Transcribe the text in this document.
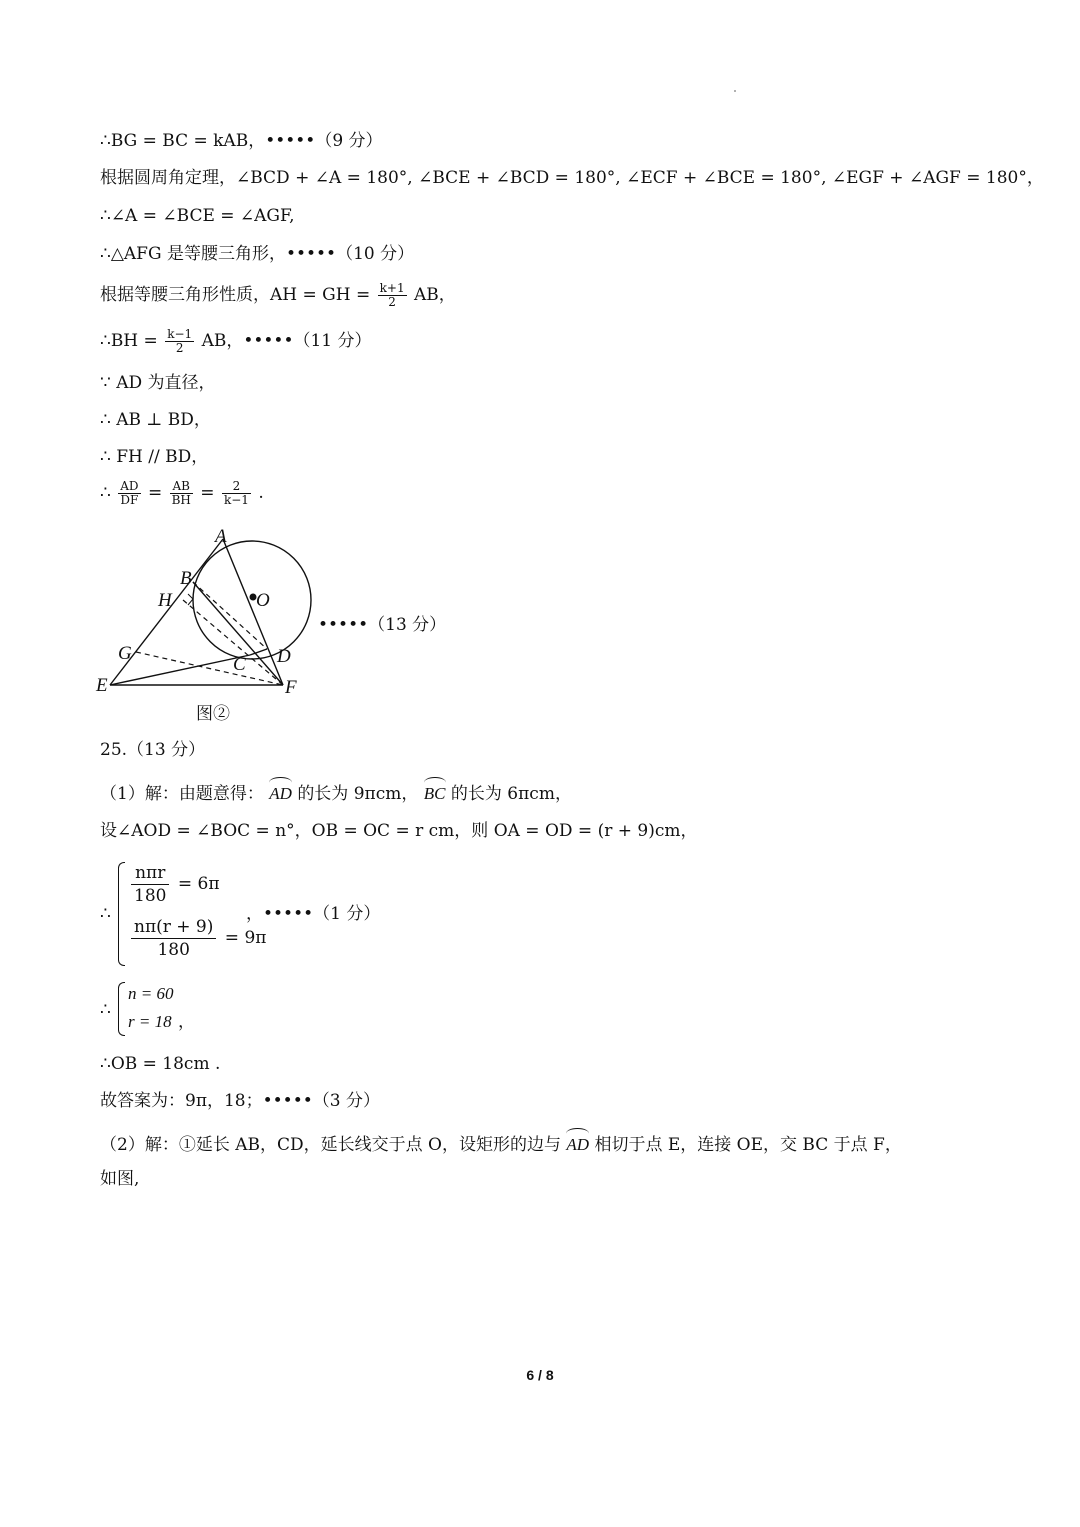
∴BG = BC = kAB，•••••（9 分）
根据圆周角定理，∠BCD + ∠A = 180°, ∠BCE + ∠BCD = 180°, ∠ECF + ∠BCE = 180°, ∠EGF + ∠AGF = 180°，
∴∠A = ∠BCE = ∠AGF,
∴△AFG 是等腰三角形，•••••（10 分）
根据等腰三角形性质，AH = GH = $\frac{k+1}{2}$ AB，
∴BH = $\frac{k-1}{2}$ AB，•••••（11 分）
∵ AD 为直径，
∴ AB ⊥ BD，
∴ FH // BD，
∴ $\frac{AD}{DF} = \frac{AB}{BH} = \frac{2}{k-1}$ .
A
B
H	O
G
C D
E	F
•••••（13 分）
图②
25.（13 分）
（1）解：由题意得： AD 的长为 9πcm， BC 的长为 6πcm，
设∠AOD = ∠BOC = n°，OB = OC = r cm，则 OA = OD = (r + 9)cm，
∴
$\frac{\text{nπr}}{180} = 6\pi$
$\frac{n\pi(r + 9)}{180} = 9\pi$
，•••••（1 分）
∴
n = 60
r = 18 ，
∴OB = 18cm .
故答案为：9π，18；•••••（3 分）
（2）解：①延长 AB，CD，延长线交于点 O，设矩形的边与 AD 相切于点 E，连接 OE，交 BC 于点 F，
如图,
6 / 8
